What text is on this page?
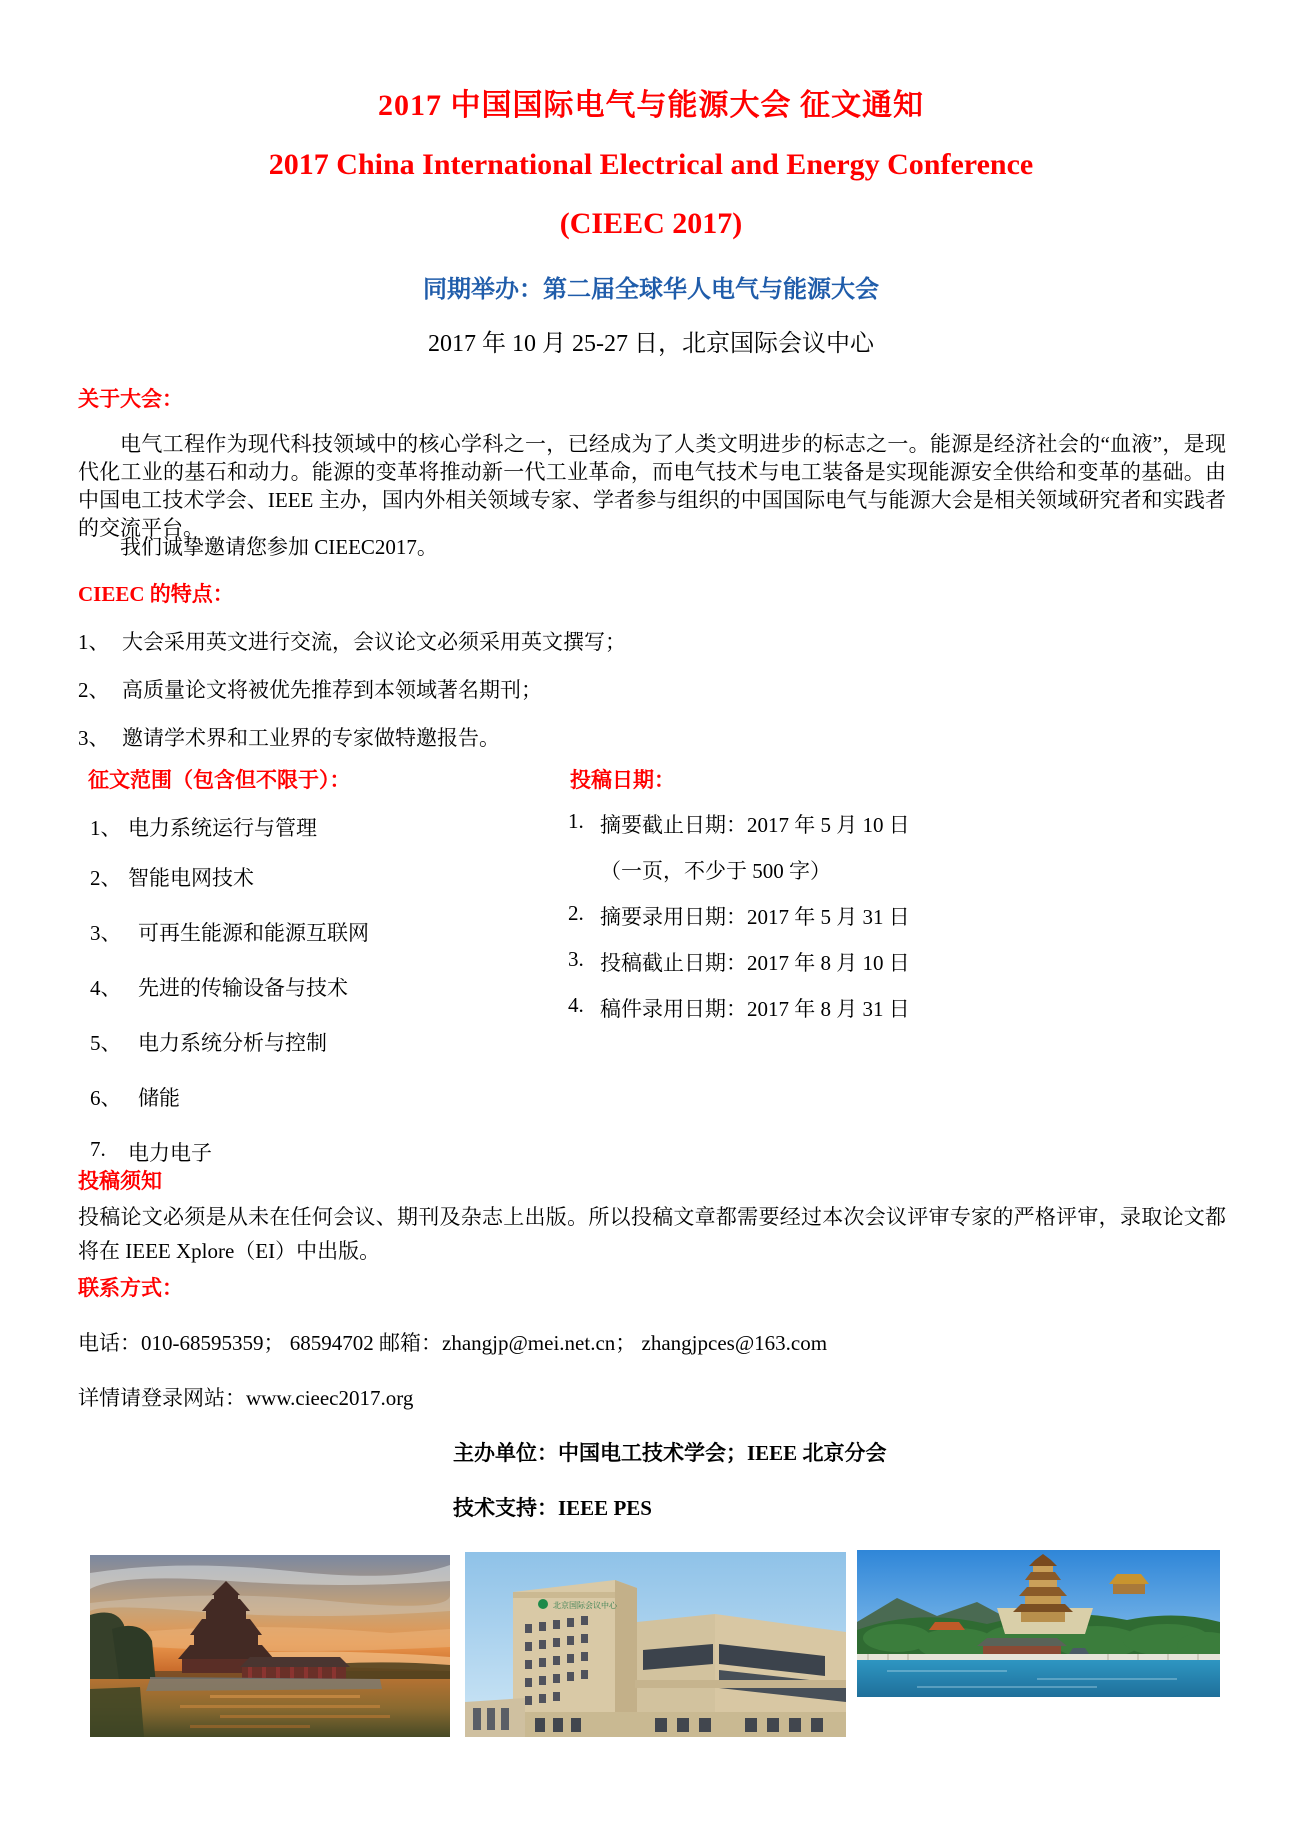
2017 中国国际电气与能源大会 征文通知
2017 China International Electrical and Energy Conference
(CIEEC 2017)
同期举办：第二届全球华人电气与能源大会
2017 年 10 月 25-27 日，北京国际会议中心
关于大会：
电气工程作为现代科技领域中的核心学科之一，已经成为了人类文明进步的标志之一。能源是经济社会的“血液”，是现代化工业的基石和动力。能源的变革将推动新一代工业革命，而电气技术与电工装备是实现能源安全供给和变革的基础。由中国电工技术学会、IEEE 主办，国内外相关领域专家、学者参与组织的中国国际电气与能源大会是相关领域研究者和实践者的交流平台。
我们诚挚邀请您参加 CIEEC2017。
CIEEC 的特点：
1、 大会采用英文进行交流，会议论文必须采用英文撰写；
2、 高质量论文将被优先推荐到本领域著名期刊；
3、 邀请学术界和工业界的专家做特邀报告。
征文范围（包含但不限于）：	投稿日期：
1、 电力系统运行与管理
2、 智能电网技术
3、 可再生能源和能源互联网
4、 先进的传输设备与技术
5、 电力系统分析与控制
6、 储能
7.	电力电子
1. 摘要截止日期：2017 年 5 月 10 日
（一页，不少于 500 字）
2. 摘要录用日期：2017 年 5 月 31 日
3. 投稿截止日期：2017 年 8 月 10 日
4. 稿件录用日期：2017 年 8 月 31 日
投稿须知
投稿论文必须是从未在任何会议、期刊及杂志上出版。所以投稿文章都需要经过本次会议评审专家的严格评审，录取论文都将在 IEEE Xplore（EI）中出版。
联系方式：
电话：010-68595359； 68594702 邮箱：zhangjp@mei.net.cn； zhangjpces@163.com
详情请登录网站：www.cieec2017.org
主办单位：中国电工技术学会；IEEE 北京分会
技术支持：IEEE PES
北京国际会议中心
